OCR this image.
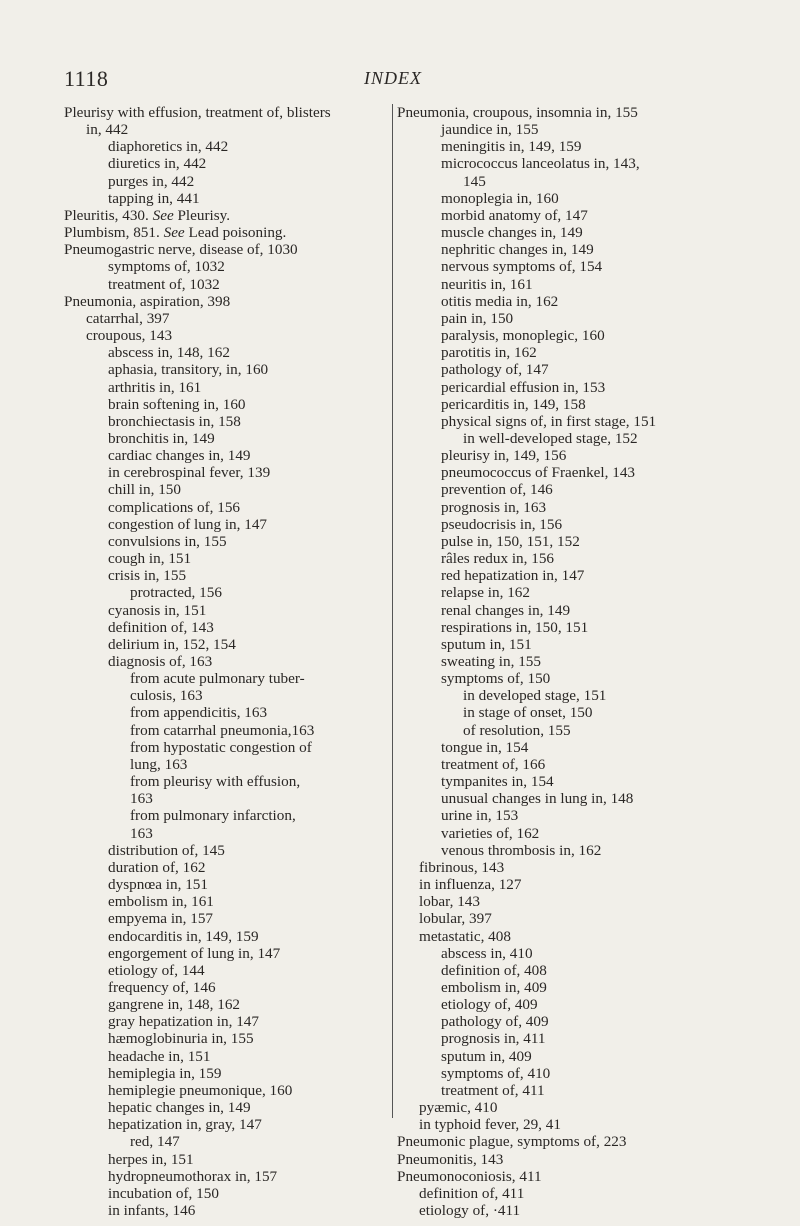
1118	INDEX
Pleurisy with effusion, treatment of, blisters
in, 442
diaphoretics in, 442
diuretics in, 442
purges in, 442
tapping in, 441
Pleuritis, 430. See Pleurisy.
Plumbism, 851. See Lead poisoning.
Pneumogastric nerve, disease of, 1030
symptoms of, 1032
treatment of, 1032
Pneumonia, aspiration, 398
catarrhal, 397
croupous, 143
abscess in, 148, 162
aphasia, transitory, in, 160
arthritis in, 161
brain softening in, 160
bronchiectasis in, 158
bronchitis in, 149
cardiac changes in, 149
in cerebrospinal fever, 139
chill in, 150
complications of, 156
congestion of lung in, 147
convulsions in, 155
cough in, 151
crisis in, 155
protracted, 156
cyanosis in, 151
definition of, 143
delirium in, 152, 154
diagnosis of, 163
from acute pulmonary tuber-
culosis, 163
from appendicitis, 163
from catarrhal pneumonia,163
from hypostatic congestion of
lung, 163
from pleurisy with effusion,
163
from pulmonary infarction,
163
distribution of, 145
duration of, 162
dyspnœa in, 151
embolism in, 161
empyema in, 157
endocarditis in, 149, 159
engorgement of lung in, 147
etiology of, 144
frequency of, 146
gangrene in, 148, 162
gray hepatization in, 147
hæmoglobinuria in, 155
headache in, 151
hemiplegia in, 159
hemiplegie pneumonique, 160
hepatic changes in, 149
hepatization in, gray, 147
red, 147
herpes in, 151
hydropneumothorax in, 157
incubation of, 150
in infants, 146
Pneumonia, croupous, insomnia in, 155
jaundice in, 155
meningitis in, 149, 159
micrococcus lanceolatus in, 143,
145
monoplegia in, 160
morbid anatomy of, 147
muscle changes in, 149
nephritic changes in, 149
nervous symptoms of, 154
neuritis in, 161
otitis media in, 162
pain in, 150
paralysis, monoplegic, 160
parotitis in, 162
pathology of, 147
pericardial effusion in, 153
pericarditis in, 149, 158
physical signs of, in first stage, 151
in well-developed stage, 152
pleurisy in, 149, 156
pneumococcus of Fraenkel, 143
prevention of, 146
prognosis in, 163
pseudocrisis in, 156
pulse in, 150, 151, 152
râles redux in, 156
red hepatization in, 147
relapse in, 162
renal changes in, 149
respirations in, 150, 151
sputum in, 151
sweating in, 155
symptoms of, 150
in developed stage, 151
in stage of onset, 150
of resolution, 155
tongue in, 154
treatment of, 166
tympanites in, 154
unusual changes in lung in, 148
urine in, 153
varieties of, 162
venous thrombosis in, 162
fibrinous, 143
in influenza, 127
lobar, 143
lobular, 397
metastatic, 408
abscess in, 410
definition of, 408
embolism in, 409
etiology of, 409
pathology of, 409
prognosis in, 411
sputum in, 409
symptoms of, 410
treatment of, 411
pyæmic, 410
in typhoid fever, 29, 41
Pneumonic plague, symptoms of, 223
Pneumonitis, 143
Pneumonoconiosis, 411
definition of, 411
etiology of, ·411
